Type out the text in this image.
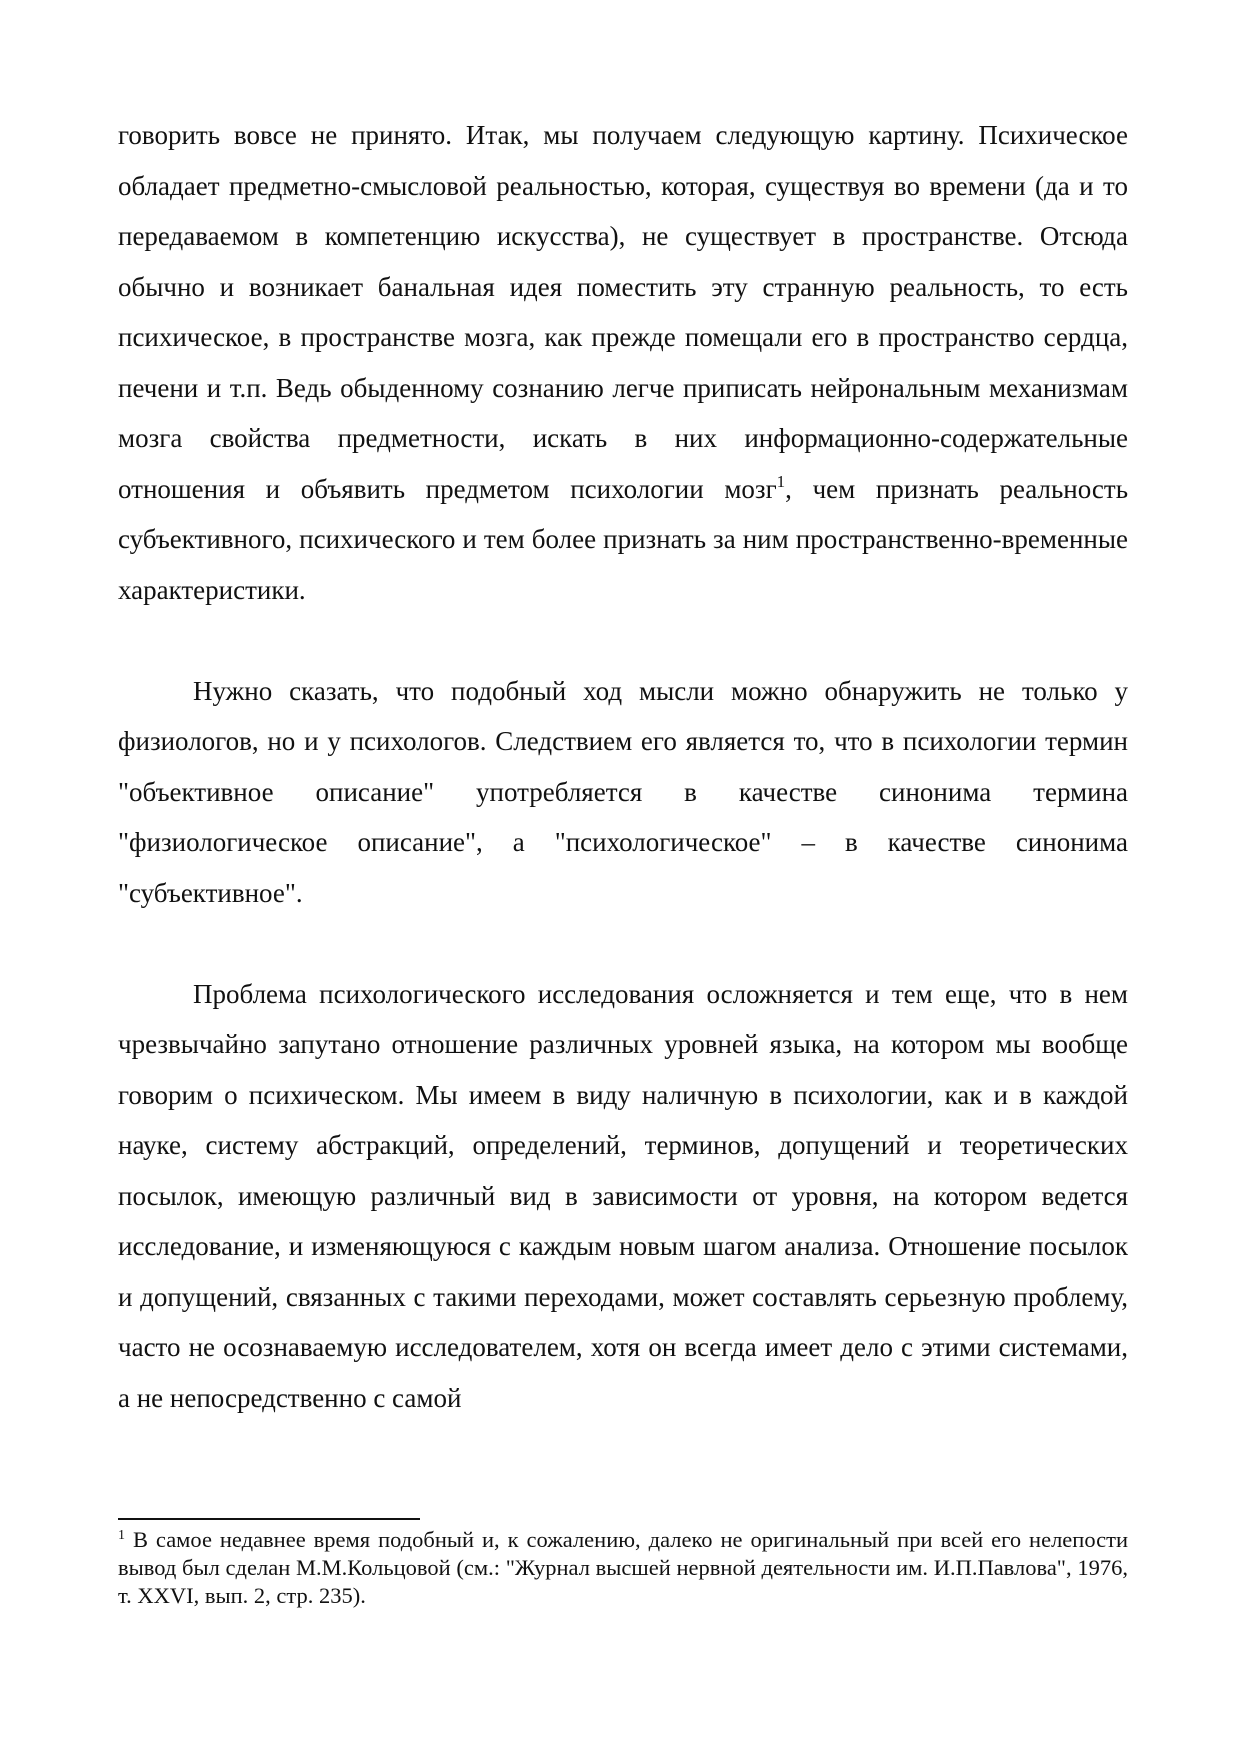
говорить вовсе не принято. Итак, мы получаем следующую картину. Психическое обладает предметно-смысловой реальностью, которая, существуя во времени (да и то передаваемом в компетенцию искусства), не существует в пространстве. Отсюда обычно и возникает банальная идея поместить эту странную реальность, то есть психическое, в пространстве мозга, как прежде помещали его в пространство сердца, печени и т.п. Ведь обыденному сознанию легче приписать нейрональным механизмам мозга свойства предметности, искать в них информационно-содержательные отношения и объявить предметом психологии мозг$^1$, чем признать реальность субъективного, психического и тем более признать за ним пространственно-временные характеристики.

Нужно сказать, что подобный ход мысли можно обнаружить не только у физиологов, но и у психологов. Следствием его является то, что в психологии термин "объективное описание" употребляется в качестве синонима термина "физиологическое описание", а "психологическое" – в качестве синонима "субъективное".

Проблема психологического исследования осложняется и тем еще, что в нем чрезвычайно запутано отношение различных уровней языка, на котором мы вообще говорим о психическом. Мы имеем в виду наличную в психологии, как и в каждой науке, систему абстракций, определений, терминов, допущений и теоретических посылок, имеющую различный вид в зависимости от уровня, на котором ведется исследование, и изменяющуюся с каждым новым шагом анализа. Отношение посылок и допущений, связанных с такими переходами, может составлять серьезную проблему, часто не осознаваемую исследователем, хотя он всегда имеет дело с этими системами, а не непосредственно с самой

$^1$ В самое недавнее время подобный и, к сожалению, далеко не оригинальный при всей его нелепости вывод был сделан М.М.Кольцовой (см.: "Журнал высшей нервной деятельности им. И.П.Павлова", 1976, т. XXVI, вып. 2, стр. 235).
